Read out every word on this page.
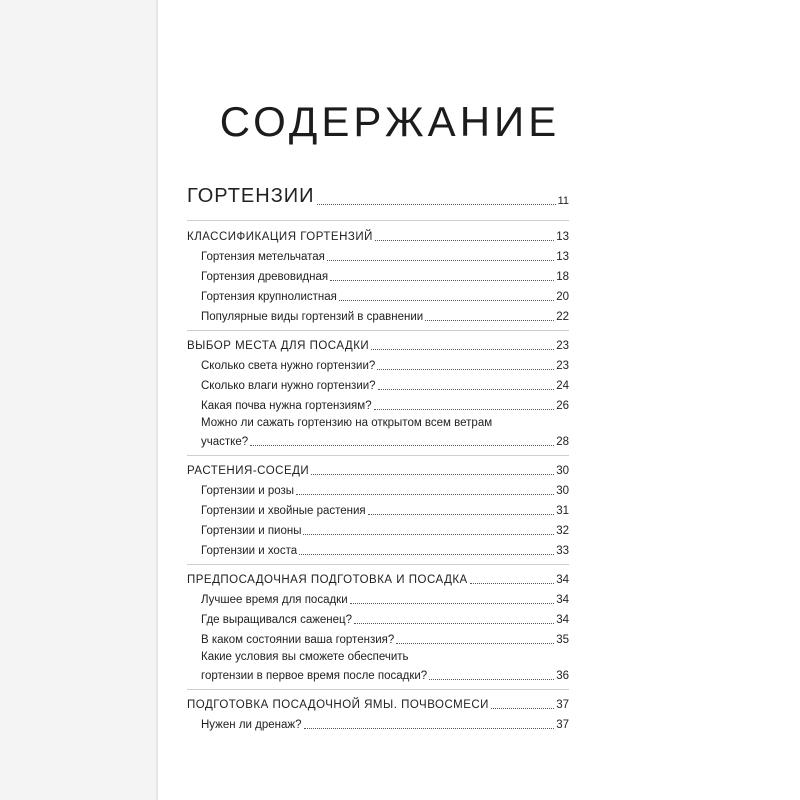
СОДЕРЖАНИЕ
ГОРТЕНЗИИ	11
КЛАССИФИКАЦИЯ ГОРТЕНЗИЙ	13
Гортензия метельчатая	13
Гортензия древовидная	18
Гортензия крупнолистная	20
Популярные виды гортензий в сравнении	22
ВЫБОР МЕСТА ДЛЯ ПОСАДКИ	23
Сколько света нужно гортензии?	23
Сколько влаги нужно гортензии?	24
Какая почва нужна гортензиям?	26
Можно ли сажать гортензию на открытом всем ветрам
участке?	28
РАСТЕНИЯ-СОСЕДИ	30
Гортензии и розы	30
Гортензии и хвойные растения	31
Гортензии и пионы	32
Гортензии и хоста	33
ПРЕДПОСАДОЧНАЯ ПОДГОТОВКА И ПОСАДКА	34
Лучшее время для посадки	34
Где выращивался саженец?	34
В каком состоянии ваша гортензия?	35
Какие условия вы сможете обеспечить
гортензии в первое время после посадки?	36
ПОДГОТОВКА ПОСАДОЧНОЙ ЯМЫ. ПОЧВОСМЕСИ	37
Нужен ли дренаж?	37
